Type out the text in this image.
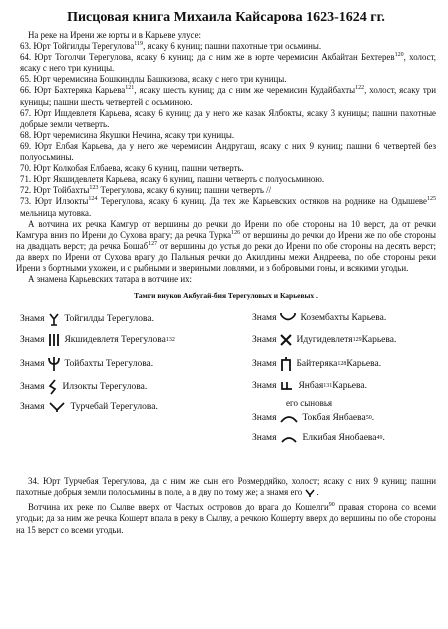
Писцовая книга Михаила Кайсарова 1623-1624 гг.
На реке на Ирени же юрты и в Карьеве улусе:
63. Юрт Тойгилды Терегулова$^{119}$, ясаку 6 куниц; пашни пахотные три осьмины.
64. Юрт Тоголчи Терегулова, ясаку 6 куниц; да с ним же в юрте черемисин Акбайтан Бехтерев$^{120}$, холост, ясаку с него три куницы.
65. Юрт черемисина Бошкиндлы Башкизова, ясаку с него три куницы.
66. Юрт Бахтеряка Карьева$^{121}$, ясаку шесть куниц; да с ним же черемисин Кудайбахты$^{122}$, холост, ясаку три куницы; пашни шесть четвертей с осьминою.
67. Юрт Ишдевлетя Карьева, ясаку 6 куниц; да у него же казак Ялбокты, ясаку 3 куницы; пашни пахотные добрые земли четверть.
68. Юрт черемисина Якушки Нечина, ясаку три куницы.
69. Юрт Елбая Карьева, да у него же черемисин Андругаш, ясаку с них 9 куниц; пашни 6 четвертей без полуосьмины.
70. Юрт Колкобая Елбаева, ясаку 6 куниц, пашни четверть.
71. Юрт Якшидевлетя Карьева, ясаку 6 куниц, пашни четверть с полуосьминою.
72. Юрт Тойбахты$^{123}$ Терегулова, ясаку 6 куниц; пашни четверть //
73. Юрт Илзокты$^{124}$ Терегулова, ясаку 6 куниц. Да тех же Карьевских остяков на роднике на Одышеве$^{125}$ мельница мутовка.
А вотчина их речка Камгур от вершины до речки до Ирени по обе стороны на 10 верст, да от речки Камгура вниз по Ирени до Сухова врагу; да речка Турка$^{126}$ от вершины до речки до Ирени же по обе стороны на двадцать верст; да речка Бошаб$^{127}$ от вершины до устья до реки до Ирени по обе стороны на десять верст; да вверх по Ирени от Сухова врагу до Пальныя речки до Акилдины межи Андреева, по обе стороны реки Ирени з бортными ухожеи, и с рыбными и звериными ловлями, и з бобровыми гоны, и всякими угодьи.
А знамена Карьевских татара в вотчине их:
Тамги внуков Акбугай-бия Терегуловых и Карьевых .
Знамя Тойгилды Терегулова.
Знамя Якшидевлетя Терегулова 132
Знамя Тойбахты Терегулова.
Знамя Илзокты Терегулова.
Знамя	Турчебай Терегулова.
Знамя	Козембахты Карьева.
Знамя Идугидевлетя 129 Карьева.
Знамя Байтеряка 128 Карьева.
Знамя Янбая 131 Карьева.
его сыновья
Знамя	Токбая Янбаева 50 .
Знамя	Елкибая Янобаева 49 .
34. Юрт Турчебая Терегулова, да с ним же сын его Розмердяйко, холост; ясаку с них 9 куниц; пашни пахотные добрыя земли полосьмины в поле, а в дву по тому же; а знамя его .
Вотчина их реке по Сылве вверх от Частых островов до врага до Кошелги$^{90}$ правая сторона со всеми угодьи; да за ним же речка Кошерт впала в реку в Сылву, а речкою Кошерту вверх до вершины по обе стороны на 15 верст со всеми угодьи.
